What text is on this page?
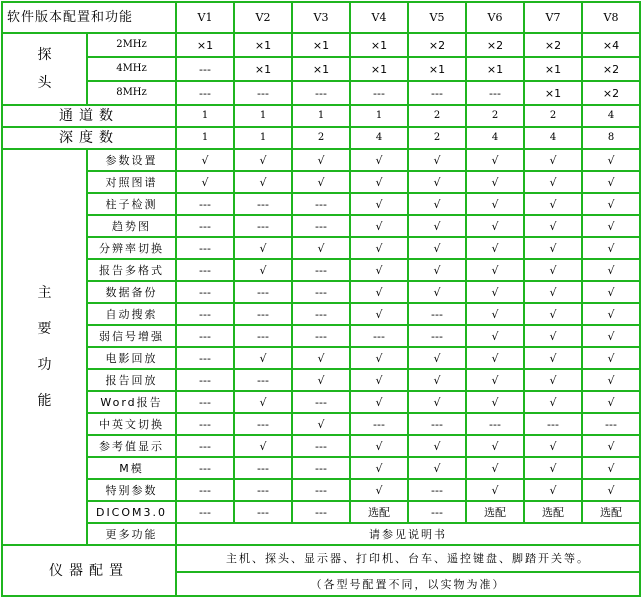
软件版本配置和功能		V1	V2	V3	V4	V5	V6	V7	V8

探
头	2MHz	×1	×1	×1	×1	×2	×2	×2	×4
	4MHz	---	×1	×1	×1	×1	×1	×1	×2
	8MHz	---	---	---	---	---	---	×1	×2
通道数		1	1	1	1	2	2	2	4
深度数		1	1	2	4	2	4	4	8

主
要
功
能	参数设置	√	√	√	√	√	√	√	√
	对照图谱	√	√	√	√	√	√	√	√
	柱子检测	---	---	---	√	√	√	√	√
	趋势图	---	---	---	√	√	√	√	√
	分辨率切换	---	√	√	√	√	√	√	√
	报告多格式	---	√	---	√	√	√	√	√
	数据备份	---	---	---	√	√	√	√	√
	自动搜索	---	---	---	√	---	√	√	√
	弱信号增强	---	---	---	---	---	√	√	√
	电影回放	---	√	√	√	√	√	√	√
	报告回放	---	---	√	√	√	√	√	√
	Word报告	---	√	---	√	√	√	√	√
	中英文切换	---	---	√	---	---	---	---	---
	参考值显示	---	√	---	√	√	√	√	√
	M模	---	---	---	√	√	√	√	√
	特别参数	---	---	---	√	---	√	√	√
	DICOM3.0	---	---	---	选配	---	选配	选配	选配
	更多功能	请参见说明书							
仪器配置		主机、探头、显示器、打印机、台车、遥控键盘、脚踏开关等。							
		（各型号配置不同，以实物为准）							
